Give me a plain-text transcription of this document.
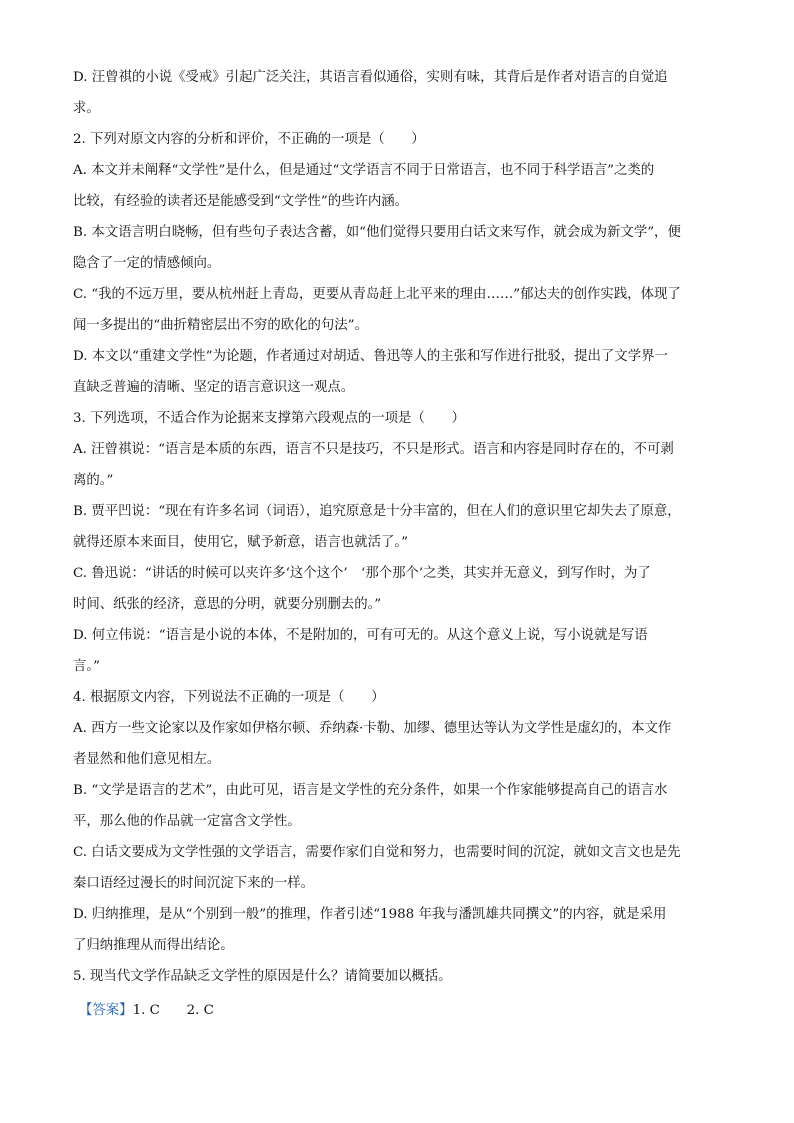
D. 汪曾祺的小说《受戒》引起广泛关注，其语言看似通俗，实则有味，其背后是作者对语言的自觉追
求。
2. 下列对原文内容的分析和评价，不正确的一项是（　　）
A. 本文并未阐释“文学性”是什么，但是通过“文学语言不同于日常语言，也不同于科学语言”之类的
比较，有经验的读者还是能感受到“文学性”的些许内涵。
B. 本文语言明白晓畅，但有些句子表达含蓄，如“他们觉得只要用白话文来写作，就会成为新文学”，便
隐含了一定的情感倾向。
C. “我的不远万里，要从杭州赶上青岛，更要从青岛赶上北平来的理由……”郁达夫的创作实践，体现了
闻一多提出的“曲折精密层出不穷的欧化的句法”。
D. 本文以“重建文学性”为论题，作者通过对胡适、鲁迅等人的主张和写作进行批驳，提出了文学界一
直缺乏普遍的清晰、坚定的语言意识这一观点。
3. 下列选项，不适合作为论据来支撑第六段观点的一项是（　　）
A. 汪曾祺说：“语言是本质的东西，语言不只是技巧，不只是形式。语言和内容是同时存在的，不可剥
离的。”
B. 贾平凹说：“现在有许多名词（词语），追究原意是十分丰富的，但在人们的意识里它却失去了原意，
就得还原本来面目，使用它，赋予新意，语言也就活了。”
C. 鲁迅说：“讲话的时候可以夹许多‘这个这个’　‘那个那个’之类，其实并无意义，到写作时，为了
时间、纸张的经济，意思的分明，就要分别删去的。”
D. 何立伟说：“语言是小说的本体，不是附加的，可有可无的。从这个意义上说，写小说就是写语
言。”
4. 根据原文内容，下列说法不正确的一项是（　　）
A. 西方一些文论家以及作家如伊格尔顿、乔纳森·卡勒、加缪、德里达等认为文学性是虚幻的，本文作
者显然和他们意见相左。
B. “文学是语言的艺术”，由此可见，语言是文学性的充分条件，如果一个作家能够提高自己的语言水
平，那么他的作品就一定富含文学性。
C. 白话文要成为文学性强的文学语言，需要作家们自觉和努力，也需要时间的沉淀，就如文言文也是先
秦口语经过漫长的时间沉淀下来的一样。
D. 归纳推理，是从“个别到一般”的推理，作者引述“1988 年我与潘凯雄共同撰文”的内容，就是采用
了归纳推理从而得出结论。
5. 现当代文学作品缺乏文学性的原因是什么？请简要加以概括。
【答案】1. C　　2. C
